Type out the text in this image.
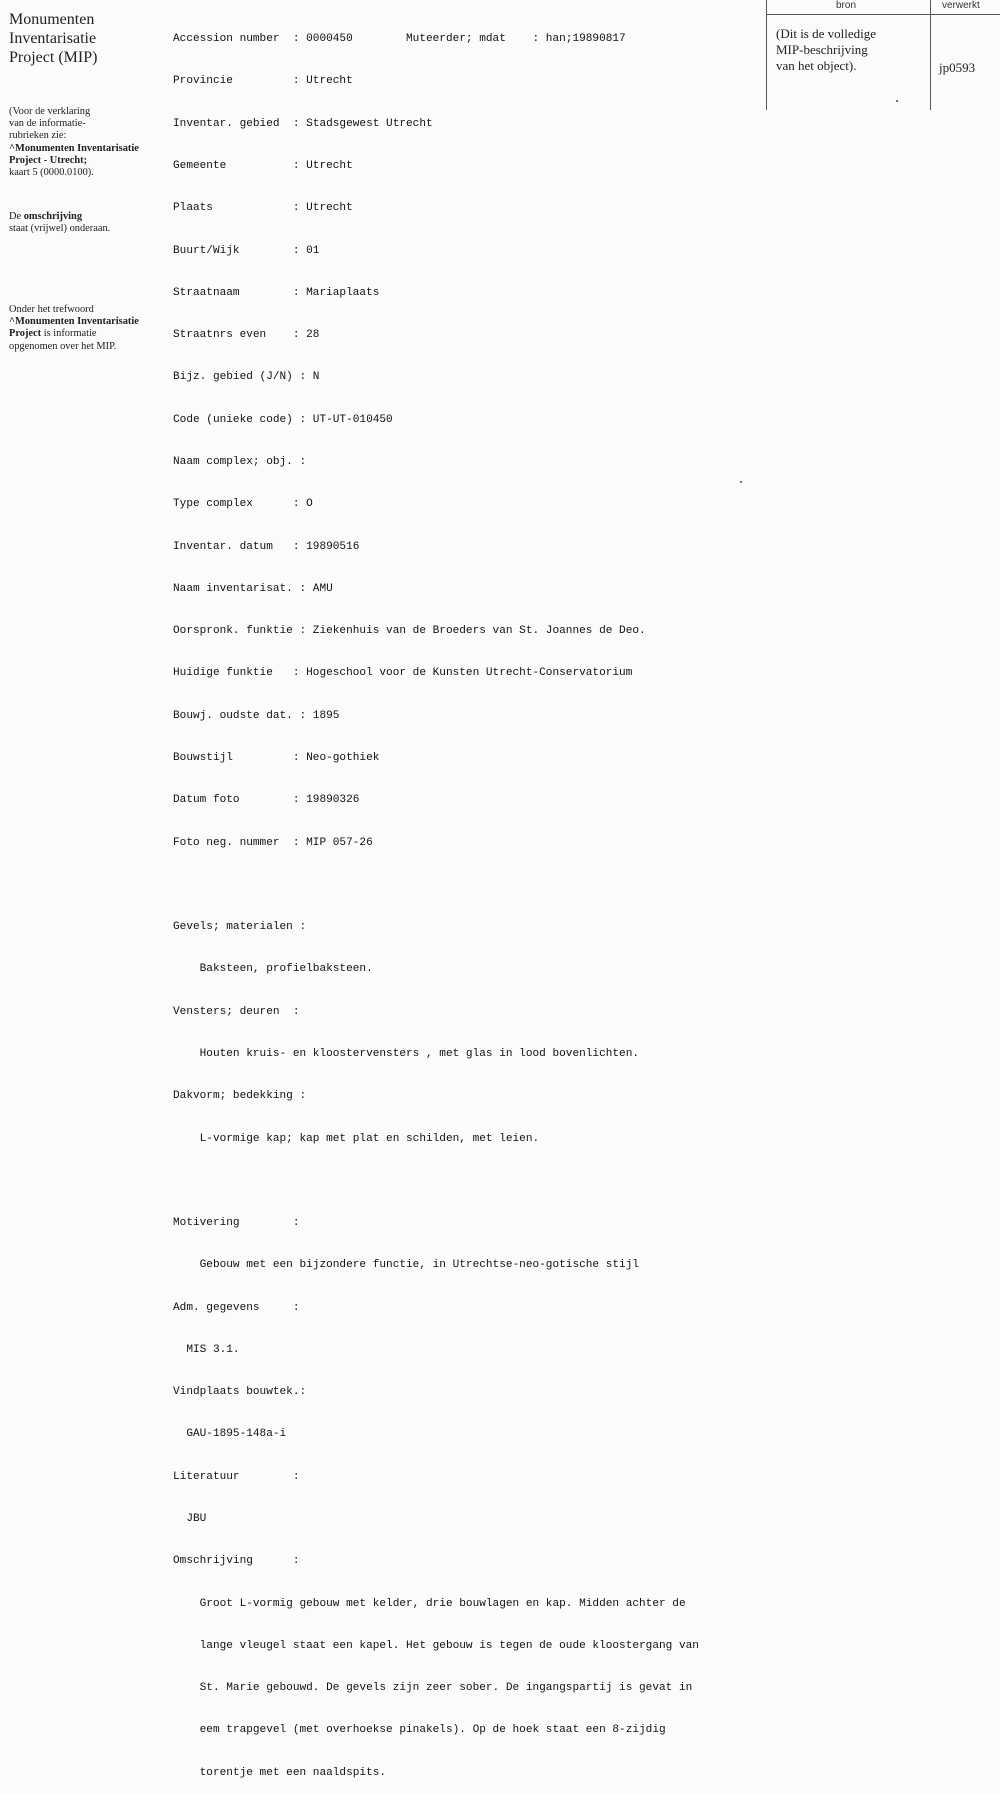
Monumenten
Inventarisatie
Project (MIP)
(Voor de verklaring
van de informatie-
rubrieken zie:
^Monumenten Inventarisatie
Project - Utrecht;
kaart 5 (0000.0100).
De omschrijving
staat (vrijwel) onderaan.
Onder het trefwoord
^Monumenten Inventarisatie
Project is informatie
opgenomen over het MIP.

Accession number  : 0000450        Muteerder; mdat    : han;19890817

Provincie         : Utrecht

Inventar. gebied  : Stadsgewest Utrecht

Gemeente          : Utrecht

Plaats            : Utrecht

Buurt/Wijk        : 01

Straatnaam        : Mariaplaats

Straatnrs even    : 28

Bijz. gebied (J/N) : N

Code (unieke code) : UT-UT-010450

Naam complex; obj. :

Type complex      : O

Inventar. datum   : 19890516

Naam inventarisat. : AMU

Oorspronk. funktie : Ziekenhuis van de Broeders van St. Joannes de Deo.

Huidige funktie   : Hogeschool voor de Kunsten Utrecht-Conservatorium

Bouwj. oudste dat. : 1895

Bouwstijl         : Neo-gothiek

Datum foto        : 19890326

Foto neg. nummer  : MIP 057-26

Gevels; materialen :

Baksteen, profielbaksteen.

Vensters; deuren  :

Houten kruis- en kloostervensters , met glas in lood bovenlichten.

Dakvorm; bedekking :

L-vormige kap; kap met plat en schilden, met leien.

Motivering        :

Gebouw met een bijzondere functie, in Utrechtse-neo-gotische stijl

Adm. gegevens     :

MIS 3.1.

Vindplaats bouwtek.:

GAU-1895-148a-i

Literatuur        :

JBU

Omschrijving      :

Groot L-vormig gebouw met kelder, drie bouwlagen en kap. Midden achter de

lange vleugel staat een kapel. Het gebouw is tegen de oude kloostergang van

St. Marie gebouwd. De gevels zijn zeer sober. De ingangspartij is gevat in

eem trapgevel (met overhoekse pinakels). Op de hoek staat een 8-zijdig

torentje met een naaldspits.

bron	verwerkt
(Dit is de volledige
MIP-beschrijving
van het object).	jp0593
